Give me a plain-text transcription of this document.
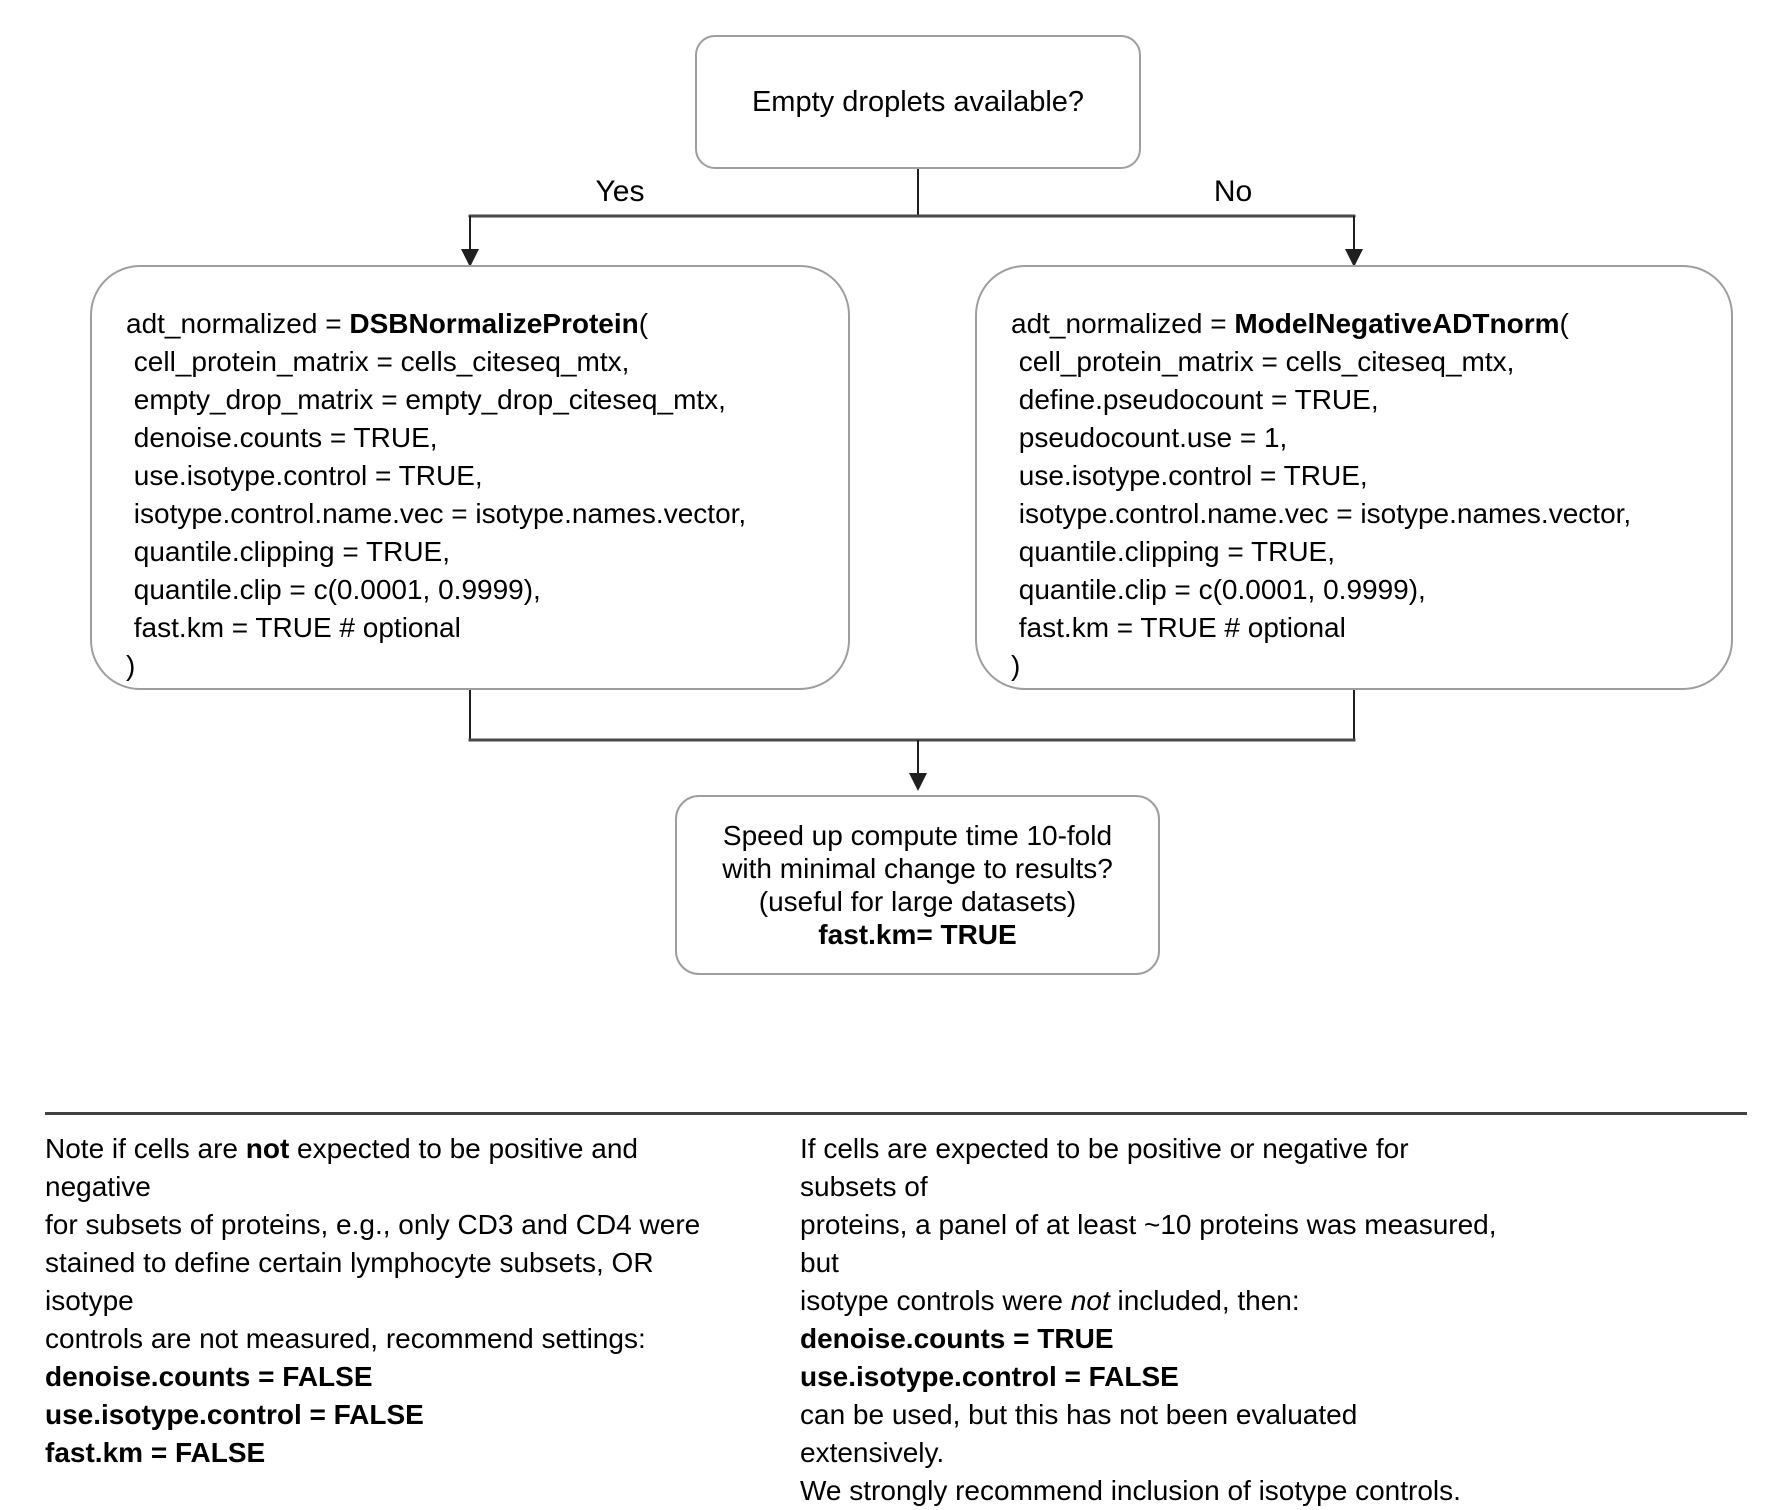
Empty droplets available?
Yes	No
adt_normalized = DSBNormalizeProtein(
cell_protein_matrix = cells_citeseq_mtx,
empty_drop_matrix = empty_drop_citeseq_mtx,
denoise.counts = TRUE,
use.isotype.control = TRUE,
isotype.control.name.vec = isotype.names.vector,
quantile.clipping = TRUE,
quantile.clip = c(0.0001, 0.9999),
fast.km = TRUE # optional
)
adt_normalized = ModelNegativeADTnorm(
cell_protein_matrix = cells_citeseq_mtx,
define.pseudocount = TRUE,
pseudocount.use = 1,
use.isotype.control = TRUE,
isotype.control.name.vec = isotype.names.vector,
quantile.clipping = TRUE,
quantile.clip = c(0.0001, 0.9999),
fast.km = TRUE # optional
)
Speed up compute time 10-fold
with minimal change to results?
(useful for large datasets)
fast.km= TRUE
Note if cells are not expected to be positive and negative
for subsets of proteins, e.g., only CD3 and CD4 were
stained to define certain lymphocyte subsets, OR isotype
controls are not measured, recommend settings:
denoise.counts = FALSE
use.isotype.control = FALSE
fast.km = FALSE
If cells are expected to be positive or negative for subsets of
proteins, a panel of at least ~10 proteins was measured, but
isotype controls were not included, then:
denoise.counts = TRUE
use.isotype.control = FALSE
can be used, but this has not been evaluated extensively.
We strongly recommend inclusion of isotype controls.
